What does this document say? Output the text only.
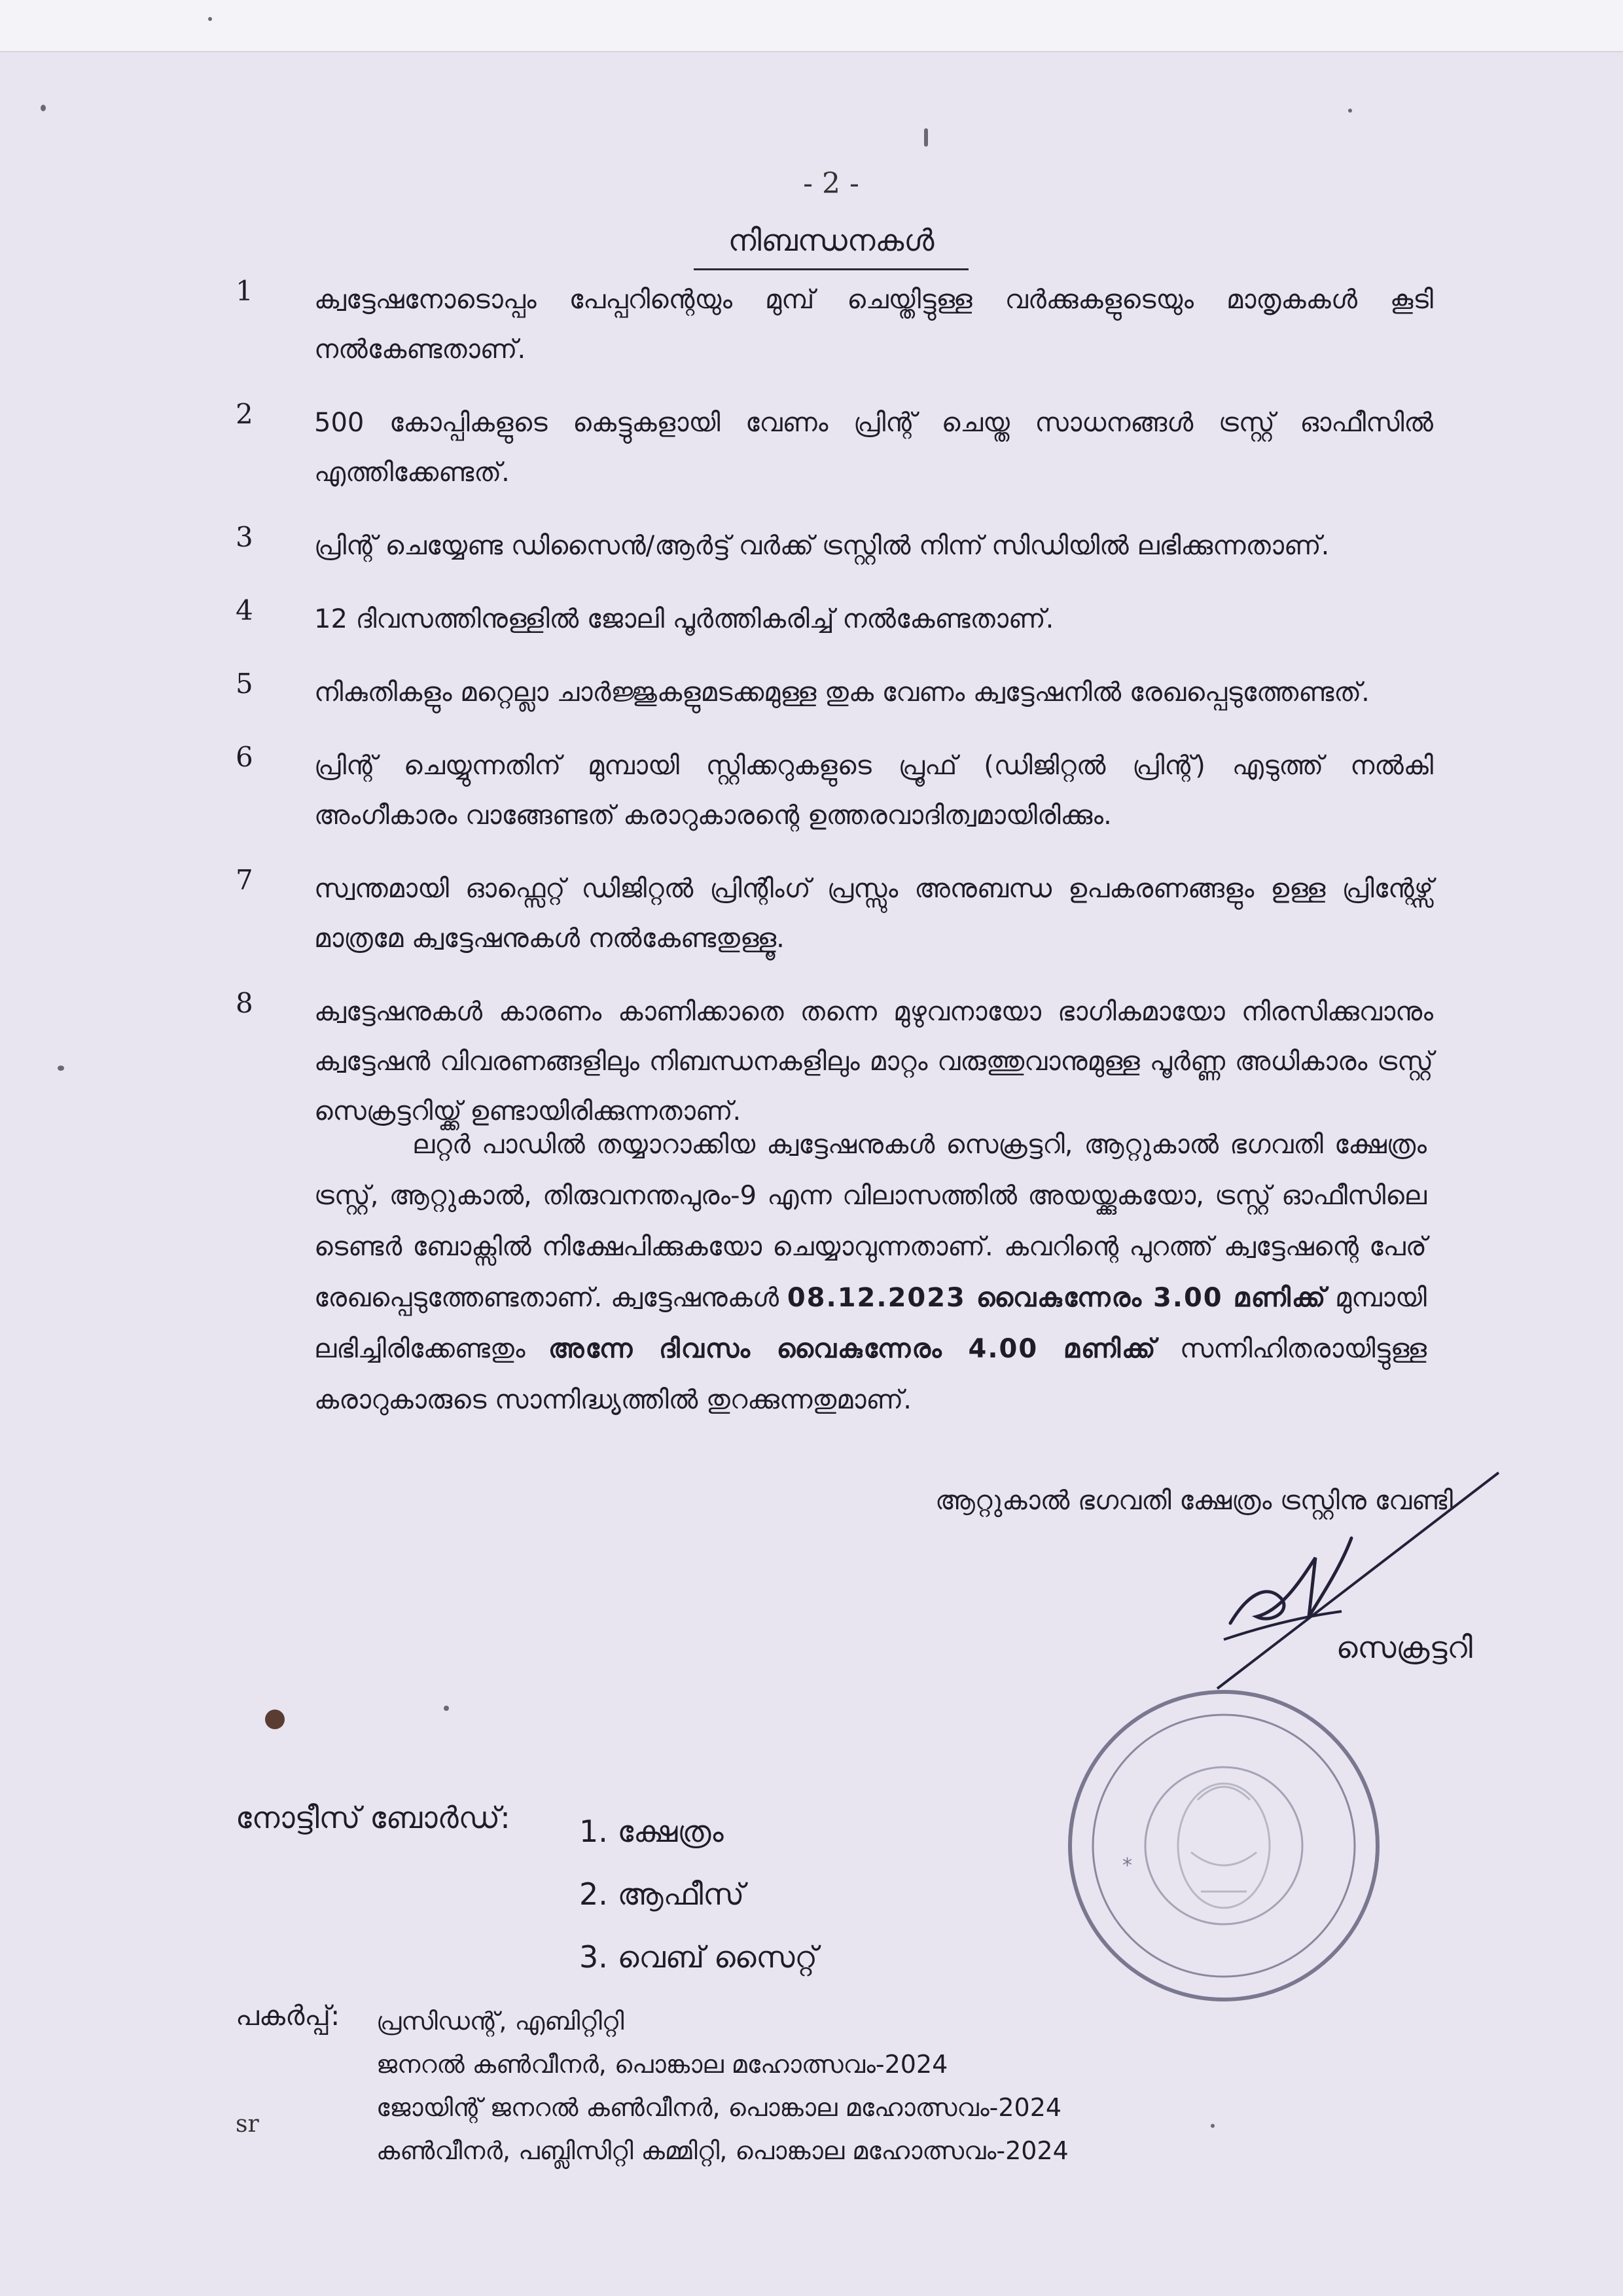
- 2 -
നിബന്ധനകൾ
1 ക്വട്ടേഷനോടൊപ്പം പേപ്പറിന്റെയും മുമ്പ് ചെയ്തിട്ടുള്ള വർക്കുകളുടെയും മാതൃകകൾ കൂടി നൽകേണ്ടതാണ്.
2 500 കോപ്പികളുടെ കെട്ടുകളായി വേണം പ്രിന്റ് ചെയ്ത സാധനങ്ങൾ ട്രസ്റ്റ് ഓഫീസിൽ എത്തിക്കേണ്ടത്.
3 പ്രിന്റ് ചെയ്യേണ്ട ഡിസൈൻ/ആർട്ട് വർക്ക് ട്രസ്റ്റിൽ നിന്ന് സിഡിയിൽ ലഭിക്കുന്നതാണ്.
4 12 ദിവസത്തിനുള്ളിൽ ജോലി പൂർത്തികരിച്ച് നൽകേണ്ടതാണ്.
5 നികുതികളും മറ്റെല്ലാ ചാർജ്ജുകളുമടക്കമുള്ള തുക വേണം ക്വട്ടേഷനിൽ രേഖപ്പെടുത്തേണ്ടത്.
6 പ്രിന്റ് ചെയ്യുന്നതിന് മുമ്പായി സ്റ്റിക്കറുകളുടെ പ്രൂഫ് (ഡിജിറ്റൽ പ്രിന്റ്) എടുത്ത് നൽകി അംഗീകാരം വാങ്ങേണ്ടത് കരാറുകാരന്റെ ഉത്തരവാദിത്വമായിരിക്കും.
7 സ്വന്തമായി ഓഫ്സെറ്റ് ഡിജിറ്റൽ പ്രിന്റിംഗ് പ്രസ്സും അനുബന്ധ ഉപകരണങ്ങളും ഉള്ള പ്രിന്റേഴ്സ് മാത്രമേ ക്വട്ടേഷനുകൾ നൽകേണ്ടതുള്ളൂ.
8 ക്വട്ടേഷനുകൾ കാരണം കാണിക്കാതെ തന്നെ മുഴുവനായോ ഭാഗികമായോ നിരസിക്കുവാനും ക്വട്ടേഷൻ വിവരണങ്ങളിലും നിബന്ധനകളിലും മാറ്റം വരുത്തുവാനുമുള്ള പൂർണ്ണ അധികാരം ട്രസ്റ്റ് സെക്രട്ടറിയ്ക്ക് ഉണ്ടായിരിക്കുന്നതാണ്.

ലറ്റർ പാഡിൽ തയ്യാറാക്കിയ ക്വട്ടേഷനുകൾ സെക്രട്ടറി, ആറ്റുകാൽ ഭഗവതി ക്ഷേത്രം ട്രസ്റ്റ്, ആറ്റുകാൽ, തിരുവനന്തപുരം-9 എന്ന വിലാസത്തിൽ അയയ്ക്കുകയോ, ട്രസ്റ്റ് ഓഫീസിലെ ടെണ്ടർ ബോക്സിൽ നിക്ഷേപിക്കുകയോ ചെയ്യാവുന്നതാണ്. കവറിന്റെ പുറത്ത് ക്വട്ടേഷന്റെ പേര് രേഖപ്പെടുത്തേണ്ടതാണ്. ക്വട്ടേഷനുകൾ 08.12.2023 വൈകുന്നേരം 3.00 മണിക്ക് മുമ്പായി ലഭിച്ചിരിക്കേണ്ടതും അന്നേ ദിവസം വൈകുന്നേരം 4.00 മണിക്ക് സന്നിഹിതരായിട്ടുള്ള കരാറുകാരുടെ സാന്നിദ്ധ്യത്തിൽ തുറക്കുന്നതുമാണ്.

ആറ്റുകാൽ ഭഗവതി ക്ഷേത്രം ട്രസ്റ്റിനു വേണ്ടി
സെക്രട്ടറി
*
നോട്ടീസ് ബോർഡ്: 1. ക്ഷേത്രം
2. ആഫീസ്
3. വെബ് സൈറ്റ്
പകർപ്പ്: പ്രസിഡന്റ്, എബിറ്റിറ്റി
ജനറൽ കൺവീനർ, പൊങ്കാല മഹോത്സവം-2024
ജോയിന്റ് ജനറൽ കൺവീനർ, പൊങ്കാല മഹോത്സവം-2024
കൺവീനർ, പബ്ലിസിറ്റി കമ്മിറ്റി, പൊങ്കാല മഹോത്സവം-2024
sr
